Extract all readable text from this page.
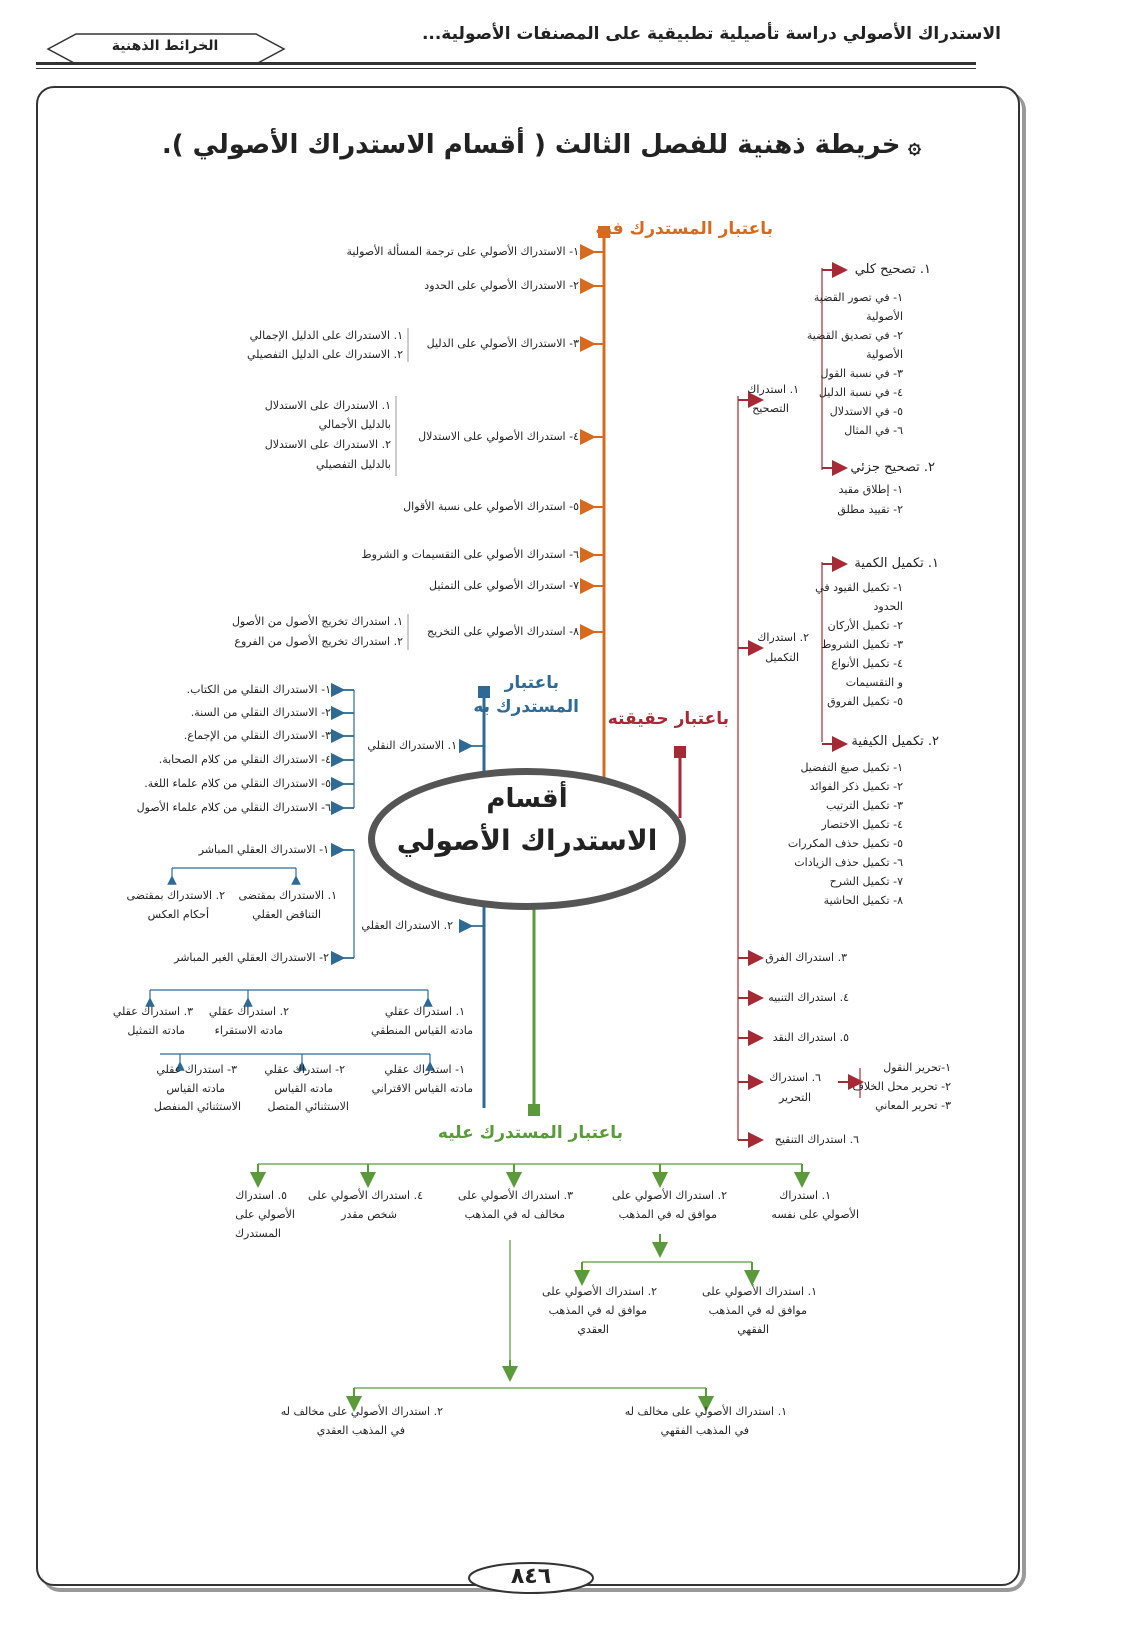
الاستدراك الأصولي دراسة تأصيلية تطبيقية على المصنفات الأصولية...
الخرائط الذهنية
۞ خريطة ذهنية للفصل الثالث ( أقسام الاستدراك الأصولي ).
أقسام
الاستدراك الأصولي
باعتبار المستدرك فيه
١- الاستدراك الأصولي على ترجمة المسألة الأصولية
٢- الاستدراك الأصولي على الحدود
٣- الاستدراك الأصولي على الدليل
٤- استدراك الأصولي على الاستدلال
٥- استدراك الأصولي على نسبة الأقوال
٦- استدراك الأصولي على التقسيمات و الشروط
٧- استدراك الأصولي على التمثيل
٨- استدراك الأصولي على التخريج
١. الاستدراك على الدليل الإجمالي
٢. الاستدراك على الدليل التفصيلي
١. الاستدراك على الاستدلال
بالدليل الأجمالي
٢. الاستدراك على الاستدلال
بالدليل التفصيلي
١. استدراك تخريج الأصول من الأصول
٢. استدراك تخريج الأصول من الفروع
باعتبار
المستدرك به
١. الاستدراك النقلي
١- الاستدراك النقلي من الكتاب.
٢- الاستدراك النقلي من السنة.
٣- الاستدراك النقلي من الإجماع.
٤- الاستدراك النقلي من كلام الصحابة.
٥- الاستدراك النقلي من كلام علماء اللغة.
٦- الاستدراك النقلي من كلام علماء الأصول
٢. الاستدراك العقلي
١- الاستدراك العقلي المباشر
١. الاستدراك بمقتضى
التناقض العقلي
٢. الاستدراك بمقتضى
أحكام العكس
٢- الاستدراك العقلي الغير المباشر
١. استدراك عقلي
مادته القياس المنطقي
٢. استدراك عقلي
مادته الاستقراء
٣. استدراك عقلي
مادته التمثيل
١- استدراك عقلي
مادته القياس الاقتراني
٢- استدراك عقلي
مادته القياس
الاستثنائي المتصل
٣- استدراك عقلي
مادته القياس
الاستثنائي المنفصل
باعتبار حقيقته
١. استدراك
التصحيح
١. تصحيح كلي
١- في تصور القضية
الأصولية
٢- في تصديق القضية
الأصولية
٣- في نسبة القول
٤- في نسبة الدليل
٥- في الاستدلال
٦- في المثال
٢. تصحيح جزئي
١- إطلاق مقيد
٢- تقييد مطلق
٢. استدراك
التكميل
١. تكميل الكمية
١- تكميل القيود في
الحدود
٢- تكميل الأركان
٣- تكميل الشروط
٤- تكميل الأنواع
و التقسيمات
٥- تكميل الفروق
٢. تكميل الكيفية
١- تكميل صيغ التفضيل
٢- تكميل ذكر الفوائد
٣- تكميل الترتيب
٤- تكميل الاختصار
٥- تكميل حذف المكررات
٦- تكميل حذف الزيادات
٧- تكميل الشرح
٨- تكميل الحاشية
٣. استدراك الفرق
٤. استدراك التنبيه
٥. استدراك النقد
٦. استدراك
التحرير
١-تحرير النقول
٢- تحرير محل الخلاف
٣- تحرير المعاني
٦. استدراك التنقيح
باعتبار المستدرك عليه
١. استدراك
الأصولي على نفسه
٢. استدراك الأصولي على
موافق له في المذهب
٣. استدراك الأصولي على
مخالف له في المذهب
٤. استدراك الأصولي على
شخص مقدر
٥. استدراك
الأصولي على
المستدرك
١. استدراك الأصولي على
موافق له في المذهب
الفقهي
٢. استدراك الأصولي على
موافق له في المذهب
العقدي
١. استدراك الأصولي على مخالف له
في المذهب الفقهي
٢. استدراك الأصولي على مخالف له
في المذهب العقدي
٨٤٦
